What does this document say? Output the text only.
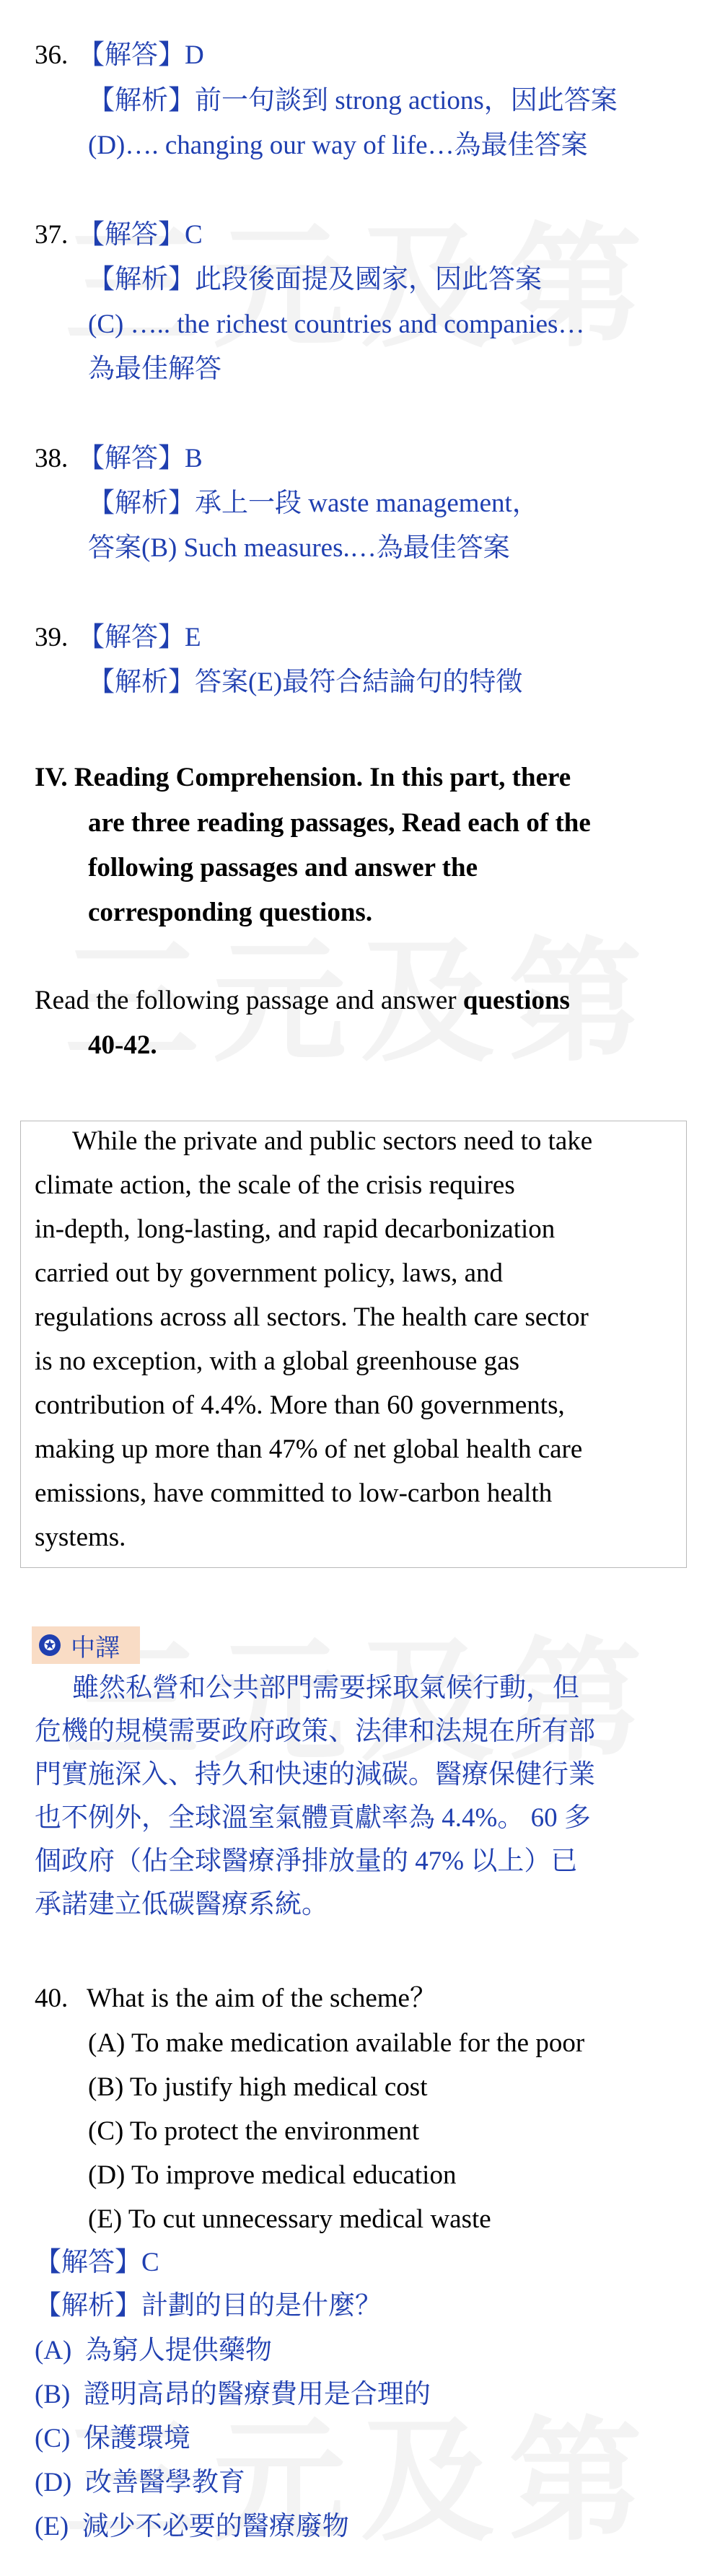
36. 【解答】D
【解析】前一句談到 strong actions，因此答案
(D)…. changing our way of life…為最佳答案
37. 【解答】C
【解析】此段後面提及國家，因此答案
(C) ….. the richest countries and companies…
為最佳解答
38. 【解答】B
【解析】承上一段 waste management，
答案(B) Such measures.…為最佳答案
39. 【解答】E
【解析】答案(E)最符合結論句的特徵
IV. Reading Comprehension. In this part, there
are three reading passages, Read each of the
following passages and answer the
corresponding questions.
Read the following passage and answer questions
40-42.
While the private and public sectors need to take
climate action, the scale of the crisis requires
in-depth, long-lasting, and rapid decarbonization
carried out by government policy, laws, and
regulations across all sectors. The health care sector
is no exception, with a global greenhouse gas
contribution of 4.4%. More than 60 governments,
making up more than 47% of net global health care
emissions, have committed to low-carbon health
systems.
✪ 中譯
雖然私營和公共部門需要採取氣候行動，但
危機的規模需要政府政策、法律和法規在所有部
門實施深入、持久和快速的減碳。醫療保健行業
也不例外，全球溫室氣體貢獻率為 4.4%。 60 多
個政府（佔全球醫療淨排放量的 47% 以上）已
承諾建立低碳醫療系統。
40. What is the aim of the scheme？
(A) To make medication available for the poor
(B) To justify high medical cost
(C) To protect the environment
(D) To improve medical education
(E) To cut unnecessary medical waste
【解答】C
【解析】計劃的目的是什麼？
(A) 為窮人提供藥物
(B) 證明高昂的醫療費用是合理的
(C) 保護環境
(D) 改善醫學教育
(E) 減少不必要的醫療廢物
